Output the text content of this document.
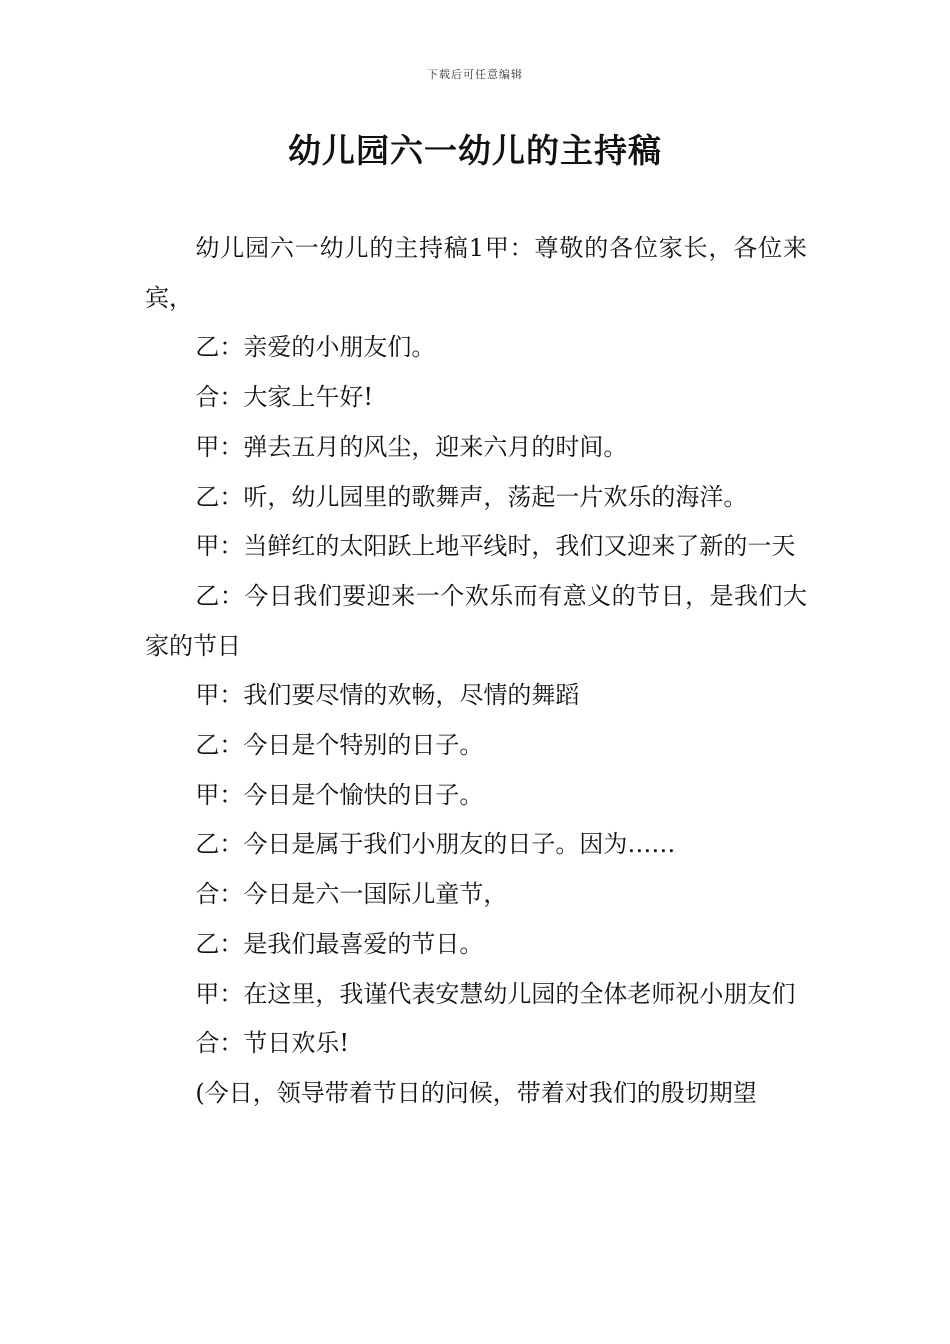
下载后可任意编辑
幼儿园六一幼儿的主持稿

幼儿园六一幼儿的主持稿1甲：尊敬的各位家长，各位来宾，

乙：亲爱的小朋友们。

合：大家上午好!

甲：弹去五月的风尘，迎来六月的时间。

乙：听，幼儿园里的歌舞声，荡起一片欢乐的海洋。

甲：当鲜红的太阳跃上地平线时，我们又迎来了新的一天

乙：今日我们要迎来一个欢乐而有意义的节日，是我们大家的节日

甲：我们要尽情的欢畅，尽情的舞蹈

乙：今日是个特别的日子。

甲：今日是个愉快的日子。

乙：今日是属于我们小朋友的日子。因为……

合：今日是六一国际儿童节，

乙：是我们最喜爱的节日。

甲：在这里，我谨代表安慧幼儿园的全体老师祝小朋友们

合：节日欢乐!

(今日，领导带着节日的问候，带着对我们的殷切期望
